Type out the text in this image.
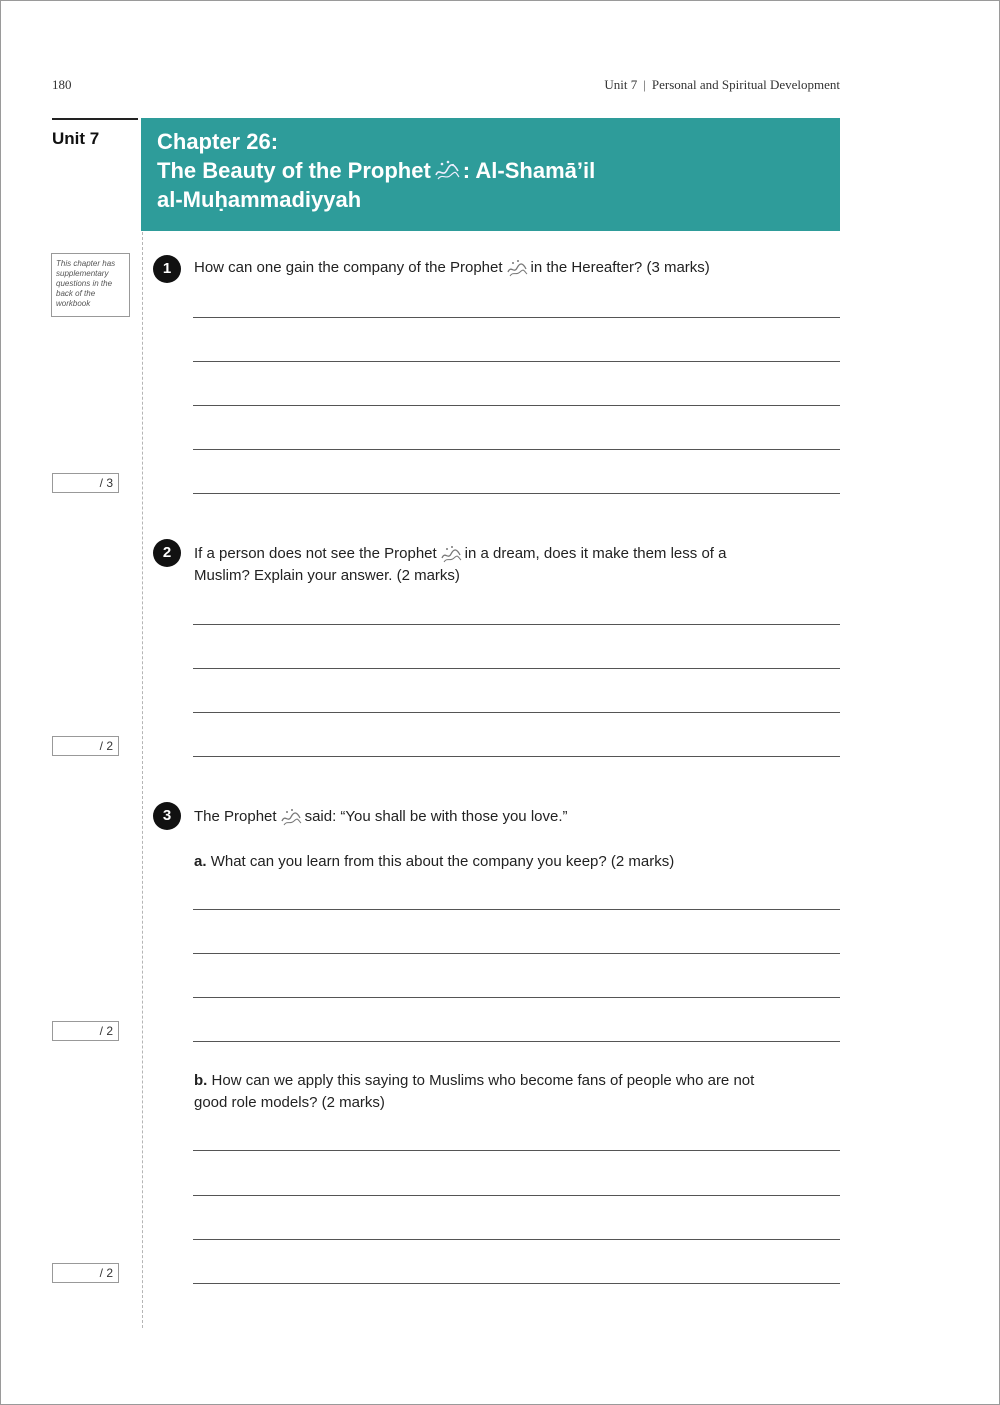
180	Unit 7 | Personal and Spiritual Development
Unit 7	Chapter 26:
The Beauty of the Prophet : Al-Shamā’il
al-Muḥammadiyyah
This chapter has supplementary questions in the back of the workbook
1	How can one gain the company of the Prophet in the Hereafter? (3 marks)
/ 3
2	If a person does not see the Prophet in a dream, does it make them less of a
Muslim? Explain your answer. (2 marks)
/ 2
3	The Prophet said: “You shall be with those you love.”
a. What can you learn from this about the company you keep? (2 marks)
/ 2
b. How can we apply this saying to Muslims who become fans of people who are not
good role models? (2 marks)
/ 2
